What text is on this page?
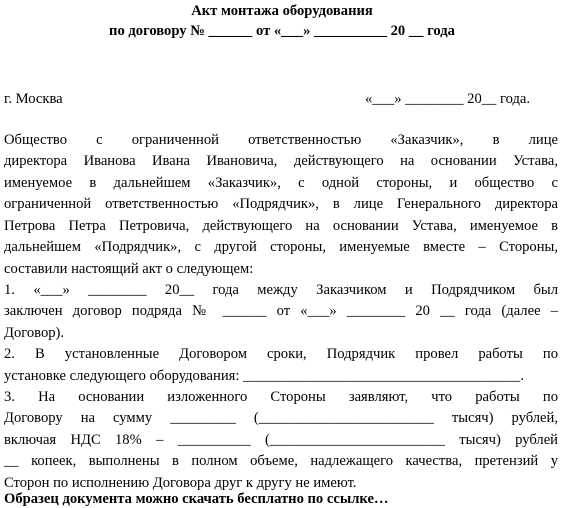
Акт монтажа оборудования
по договору № ______ от «___» __________ 20 __ года
г. Москва	«___» ________ 20__ года.
Общество с ограниченной ответственностью «Заказчик», в лице
директора Иванова Ивана Ивановича, действующего на основании Устава,
именуемое в дальнейшем «Заказчик», с одной стороны, и общество с
ограниченной ответственностью «Подрядчик», в лице Генерального директора
Петрова Петра Петровича, действующего на основании Устава, именуемое в
дальнейшем «Подрядчик», с другой стороны, именуемые вместе – Стороны,
составили настоящий акт о следующем:
1. «___» ________ 20__ года между Заказчиком и Подрядчиком был
заключен договор подряда № ______ от «___» ________ 20 __ года (далее –
Договор).
2. В установленные Договором сроки, Подрядчик провел работы по
установке следующего оборудования: ______________________________________.
3. На основании изложенного Стороны заявляют, что работы по
Договору на сумму _________ (________________________ тысяч) рублей,
включая НДС 18% – __________ (________________________ тысяч) рублей
__ копеек, выполнены в полном объеме, надлежащего качества, претензий у
Сторон по исполнению Договора друг к другу не имеют.
Образец документа можно скачать бесплатно по ссылке…
